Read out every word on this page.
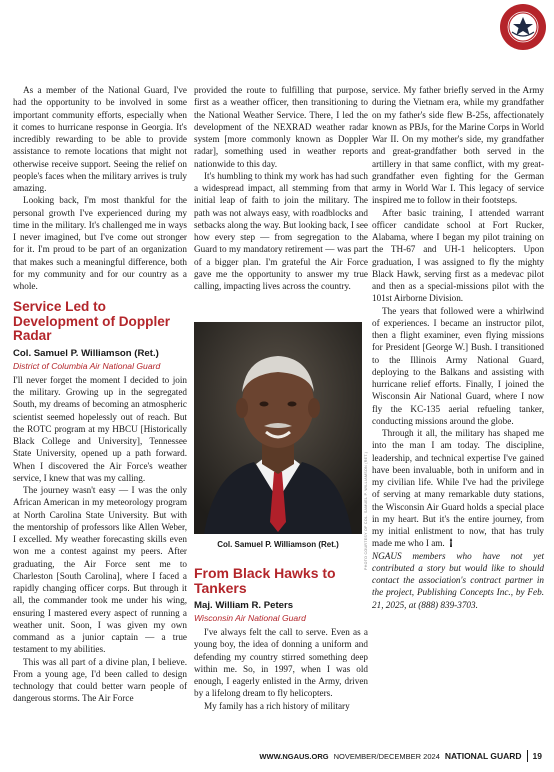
As a member of the National Guard, I've had the opportunity to be involved in some important community efforts, especially when it comes to hurricane response in Georgia. It's incredibly rewarding to be able to provide assistance to remote locations that might not otherwise receive support. Seeing the relief on people's faces when the military arrives is truly amazing.

Looking back, I'm most thankful for the personal growth I've experienced during my time in the military. It's challenged me in ways I never imagined, but I've come out stronger for it. I'm proud to be part of an organization that makes such a meaningful difference, both for my community and for our country as a whole.

Service Led to Development of Doppler Radar
Col. Samuel P. Williamson (Ret.)
District of Columbia Air National Guard

I'll never forget the moment I decided to join the military. Growing up in the segregated South, my dreams of becoming an atmospheric scientist seemed hopelessly out of reach. But the ROTC program at my HBCU [Historically Black College and University], Tennessee State University, opened up a path forward. When I discovered the Air Force's weather service, I knew that was my calling.

The journey wasn't easy — I was the only African American in my meteorology program at North Carolina State University. But with the mentorship of professors like Allen Weber, I excelled. My weather forecasting skills even won me a contest against my peers. After graduating, the Air Force sent me to Charleston [South Carolina], where I faced a rapidly changing officer corps. But through it all, the commander took me under his wing, ensuring I mastered every aspect of running a weather unit. Soon, I was given my own command as a junior captain — a true testament to my abilities.

This was all part of a divine plan, I believe. From a young age, I'd been called to design technology that could better warn people of dangerous storms. The Air Force

provided the route to fulfilling that purpose, first as a weather officer, then transitioning to the National Weather Service. There, I led the development of the NEXRAD weather radar system [more commonly known as Doppler radar], something used in weather reports nationwide to this day.

It's humbling to think my work has had such a widespread impact, all stemming from that initial leap of faith to join the military. The path was not always easy, with roadblocks and setbacks along the way. But looking back, I see how every step — from segregation to the Guard to my mandatory retirement — was part of a bigger plan. I'm grateful the Air Force gave me the opportunity to answer my true calling, impacting lives across the country.

PHOTO COURTESY OF COL. SAMUEL P. WILLIAMSON (RET.)
Col. Samuel P. Williamson (Ret.)
From Black Hawks to Tankers
Maj. William R. Peters
Wisconsin Air National Guard

I've always felt the call to serve. Even as a young boy, the idea of donning a uniform and defending my country stirred something deep within me. So, in 1997, when I was old enough, I eagerly enlisted in the Army, driven by a lifelong dream to fly helicopters.

My family has a rich history of military

service. My father briefly served in the Army during the Vietnam era, while my grandfather on my father's side flew B-25s, affectionately known as PBJs, for the Marine Corps in World War II. On my mother's side, my grandfather and great-grandfather both served in the artillery in that same conflict, with my great-grandfather even fighting for the German army in World War I. This legacy of service inspired me to follow in their footsteps.

After basic training, I attended warrant officer candidate school at Fort Rucker, Alabama, where I began my pilot training on the TH-67 and UH-1 helicopters. Upon graduation, I was assigned to fly the mighty Black Hawk, serving first as a medevac pilot and then as a special-missions pilot with the 101st Airborne Division.

The years that followed were a whirlwind of experiences. I became an instructor pilot, then a flight examiner, even flying missions for President [George W.] Bush. I transitioned to the Illinois Army National Guard, deploying to the Balkans and assisting with hurricane relief efforts. Finally, I joined the Wisconsin Air National Guard, where I now fly the KC-135 aerial refueling tanker, conducting missions around the globe.

Through it all, the military has shaped me into the man I am today. The discipline, leadership, and technical expertise I've gained have been invaluable, both in uniform and in my civilian life. While I've had the privilege of serving at many remarkable duty stations, the Wisconsin Air Guard holds a special place in my heart. But it's the entire journey, from my initial enlistment to now, that has truly made me who I am.

NGAUS members who have not yet contributed a story but would like to should contact the association's contract partner in the project, Publishing Concepts Inc., by Feb. 21, 2025, at (888) 839-3703.

WWW.NGAUS.ORG NOVEMBER/DECEMBER 2024 NATIONAL GUARD 19
